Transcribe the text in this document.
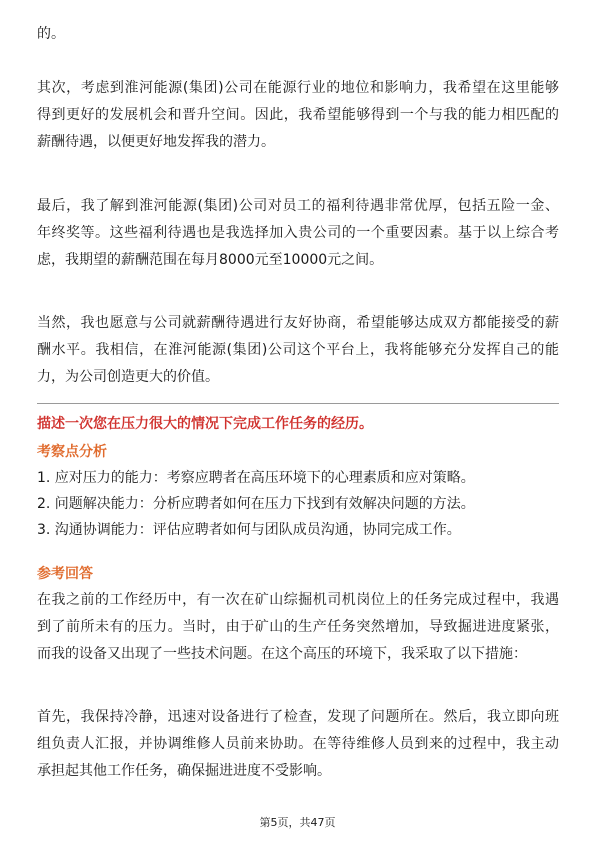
的。

其次，考虑到淮河能源(集团)公司在能源行业的地位和影响力，我希望在这里能够
得到更好的发展机会和晋升空间。因此，我希望能够得到一个与我的能力相匹配的
薪酬待遇，以便更好地发挥我的潜力。

最后，我了解到淮河能源(集团)公司对员工的福利待遇非常优厚，包括五险一金、
年终奖等。这些福利待遇也是我选择加入贵公司的一个重要因素。基于以上综合考
虑，我期望的薪酬范围在每月8000元至10000元之间。

当然，我也愿意与公司就薪酬待遇进行友好协商，希望能够达成双方都能接受的薪
酬水平。我相信，在淮河能源(集团)公司这个平台上，我将能够充分发挥自己的能
力，为公司创造更大的价值。

描述一次您在压力很大的情况下完成工作任务的经历。
考察点分析
1. 应对压力的能力：考察应聘者在高压环境下的心理素质和应对策略。
2. 问题解决能力：分析应聘者如何在压力下找到有效解决问题的方法。
3. 沟通协调能力：评估应聘者如何与团队成员沟通，协同完成工作。
参考回答

在我之前的工作经历中，有一次在矿山综掘机司机岗位上的任务完成过程中，我遇
到了前所未有的压力。当时，由于矿山的生产任务突然增加，导致掘进进度紧张，
而我的设备又出现了一些技术问题。在这个高压的环境下，我采取了以下措施：

首先，我保持冷静，迅速对设备进行了检查，发现了问题所在。然后，我立即向班
组负责人汇报，并协调维修人员前来协助。在等待维修人员到来的过程中，我主动
承担起其他工作任务，确保掘进进度不受影响。

第5页，共47页
